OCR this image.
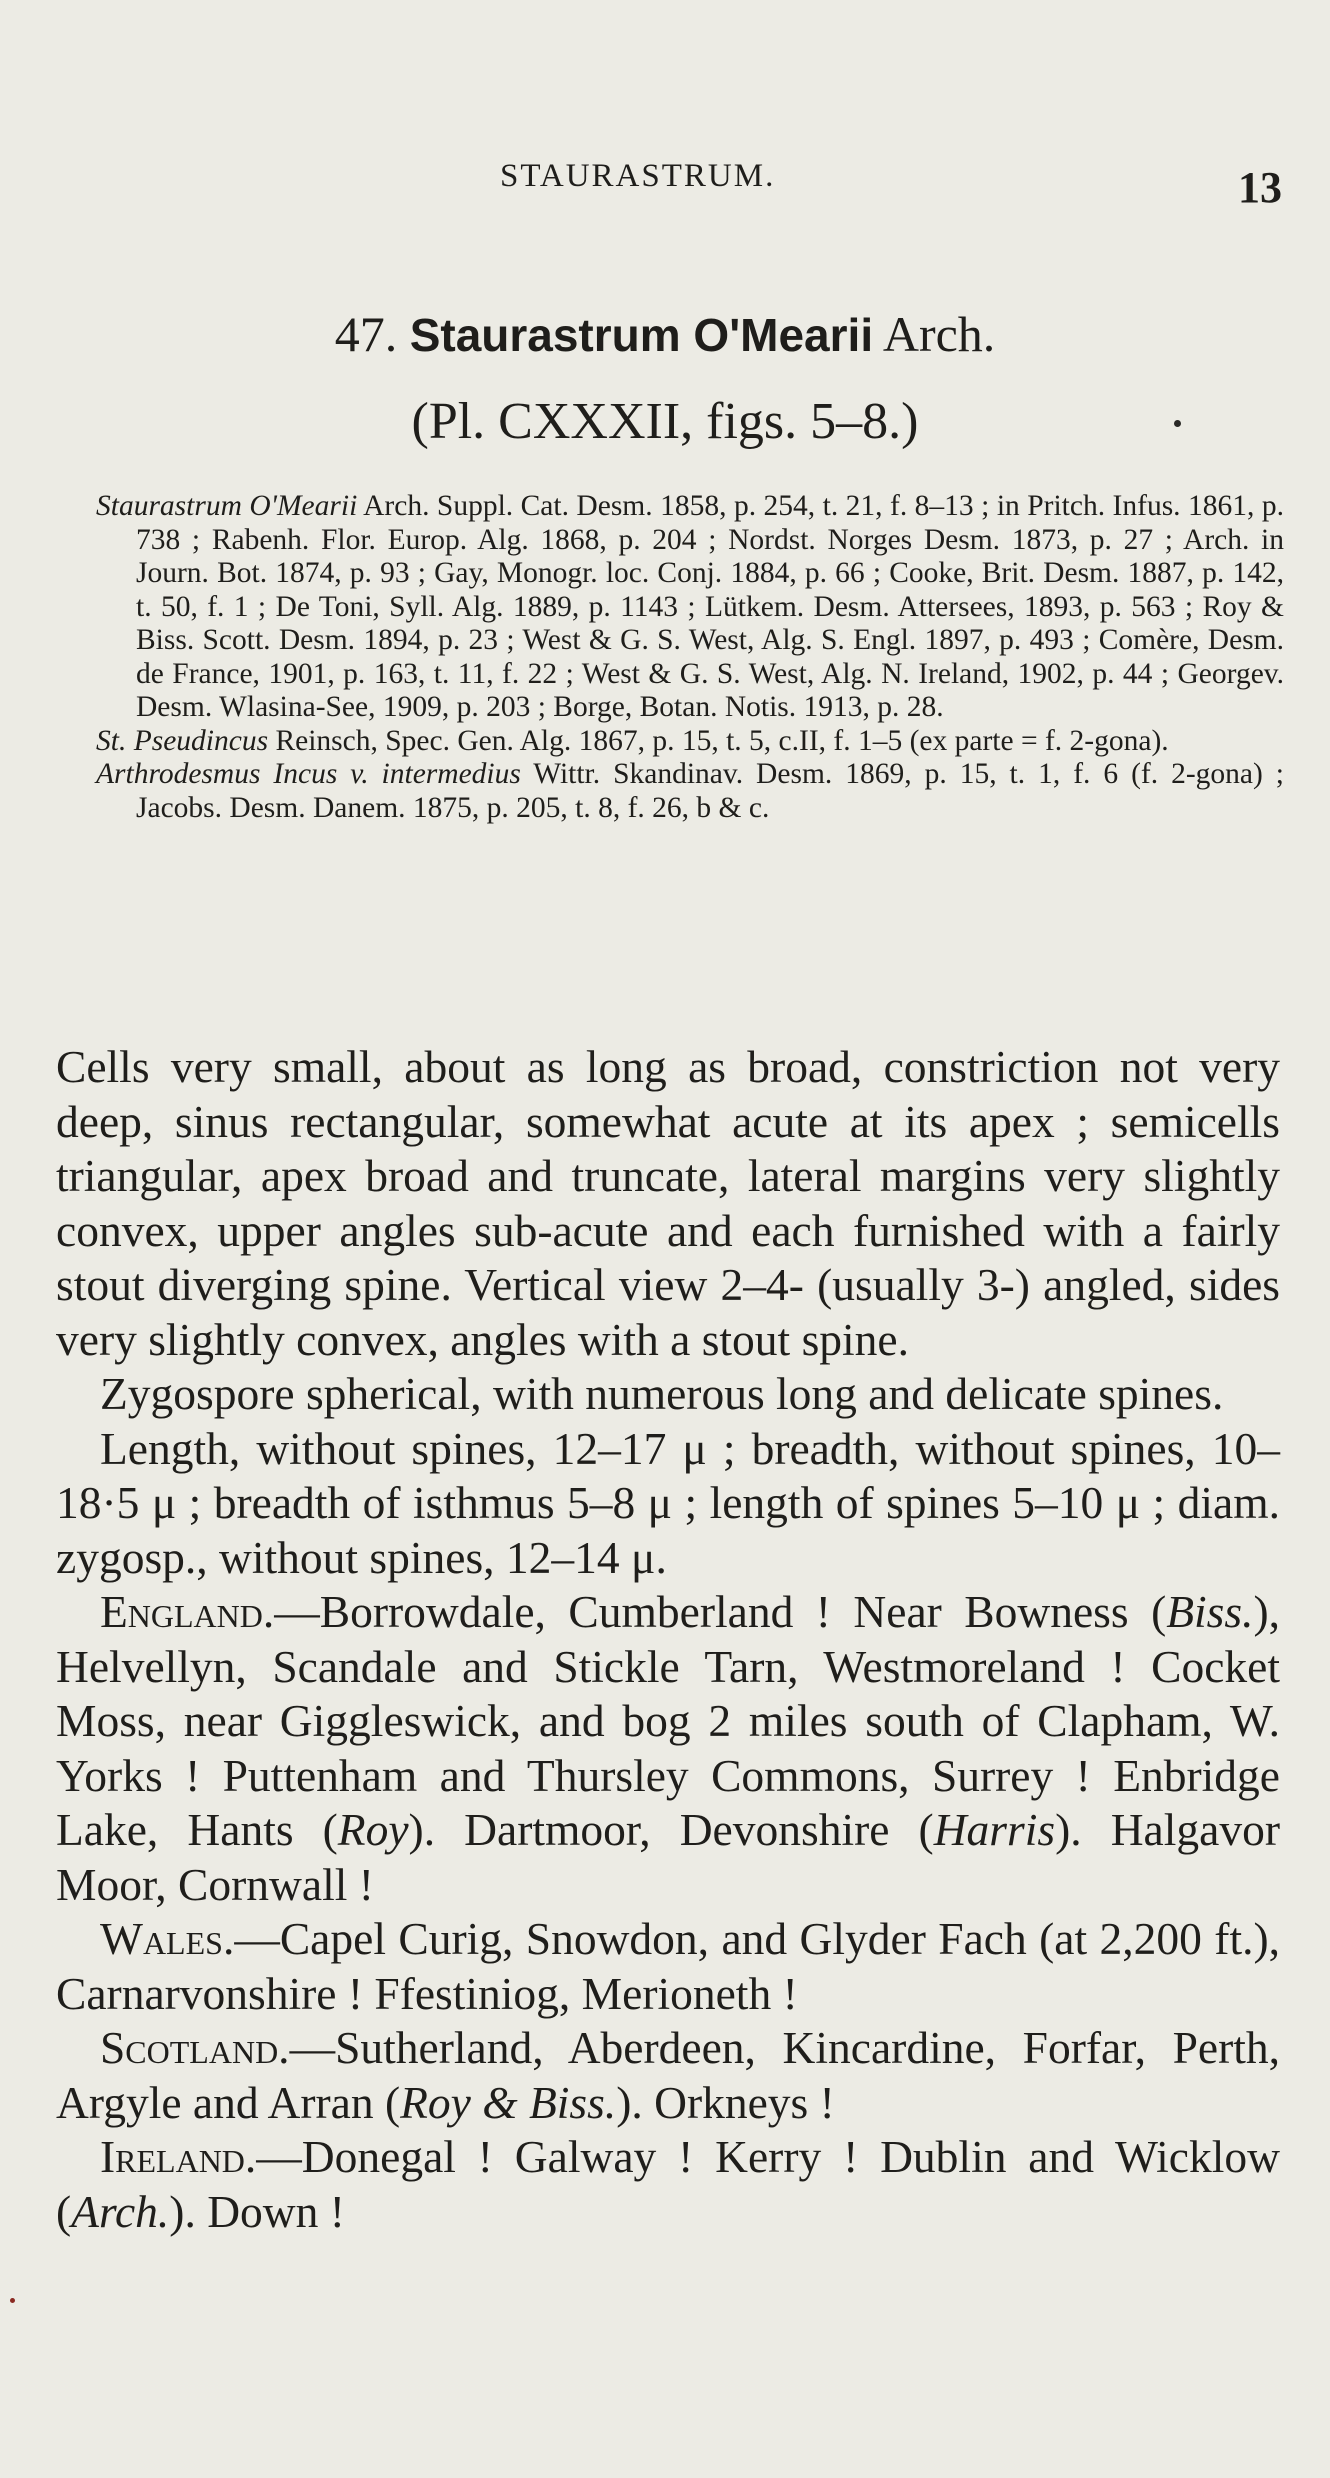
STAURASTRUM.	13
47. Staurastrum O'Mearii Arch.
(Pl. CXXXII, figs. 5–8.)

Staurastrum O'Mearii Arch. Suppl. Cat. Desm. 1858, p. 254, t. 21, f. 8–13 ; in Pritch. Infus. 1861, p. 738 ; Rabenh. Flor. Europ. Alg. 1868, p. 204 ; Nordst. Norges Desm. 1873, p. 27 ; Arch. in Journ. Bot. 1874, p. 93 ; Gay, Monogr. loc. Conj. 1884, p. 66 ; Cooke, Brit. Desm. 1887, p. 142, t. 50, f. 1 ; De Toni, Syll. Alg. 1889, p. 1143 ; Lütkem. Desm. Attersees, 1893, p. 563 ; Roy & Biss. Scott. Desm. 1894, p. 23 ; West & G. S. West, Alg. S. Engl. 1897, p. 493 ; Comère, Desm. de France, 1901, p. 163, t. 11, f. 22 ; West & G. S. West, Alg. N. Ireland, 1902, p. 44 ; Georgev. Desm. Wlasina-See, 1909, p. 203 ; Borge, Botan. Notis. 1913, p. 28.

St. Pseudincus Reinsch, Spec. Gen. Alg. 1867, p. 15, t. 5, c.II, f. 1–5 (ex parte = f. 2-gona).

Arthrodesmus Incus v. intermedius Wittr. Skandinav. Desm. 1869, p. 15, t. 1, f. 6 (f. 2-gona) ; Jacobs. Desm. Danem. 1875, p. 205, t. 8, f. 26, b & c.

Cells very small, about as long as broad, constriction not very deep, sinus rectangular, somewhat acute at its apex ; semicells triangular, apex broad and truncate, lateral margins very slightly convex, upper angles sub-acute and each furnished with a fairly stout diverging spine. Vertical view 2–4- (usually 3-) angled, sides very slightly convex, angles with a stout spine.

Zygospore spherical, with numerous long and delicate spines.

Length, without spines, 12–17 μ ; breadth, without spines, 10–18·5 μ ; breadth of isthmus 5–8 μ ; length of spines 5–10 μ ; diam. zygosp., without spines, 12–14 μ.

England.—Borrowdale, Cumberland ! Near Bowness (Biss.), Helvellyn, Scandale and Stickle Tarn, Westmoreland ! Cocket Moss, near Giggleswick, and bog 2 miles south of Clapham, W. Yorks ! Puttenham and Thursley Commons, Surrey ! Enbridge Lake, Hants (Roy). Dartmoor, Devonshire (Harris). Halgavor Moor, Cornwall !

Wales.—Capel Curig, Snowdon, and Glyder Fach (at 2,200 ft.), Carnarvonshire ! Ffestiniog, Merioneth !

Scotland.—Sutherland, Aberdeen, Kincardine, Forfar, Perth, Argyle and Arran (Roy & Biss.). Orkneys !

Ireland.—Donegal ! Galway ! Kerry ! Dublin and Wicklow (Arch.). Down !
